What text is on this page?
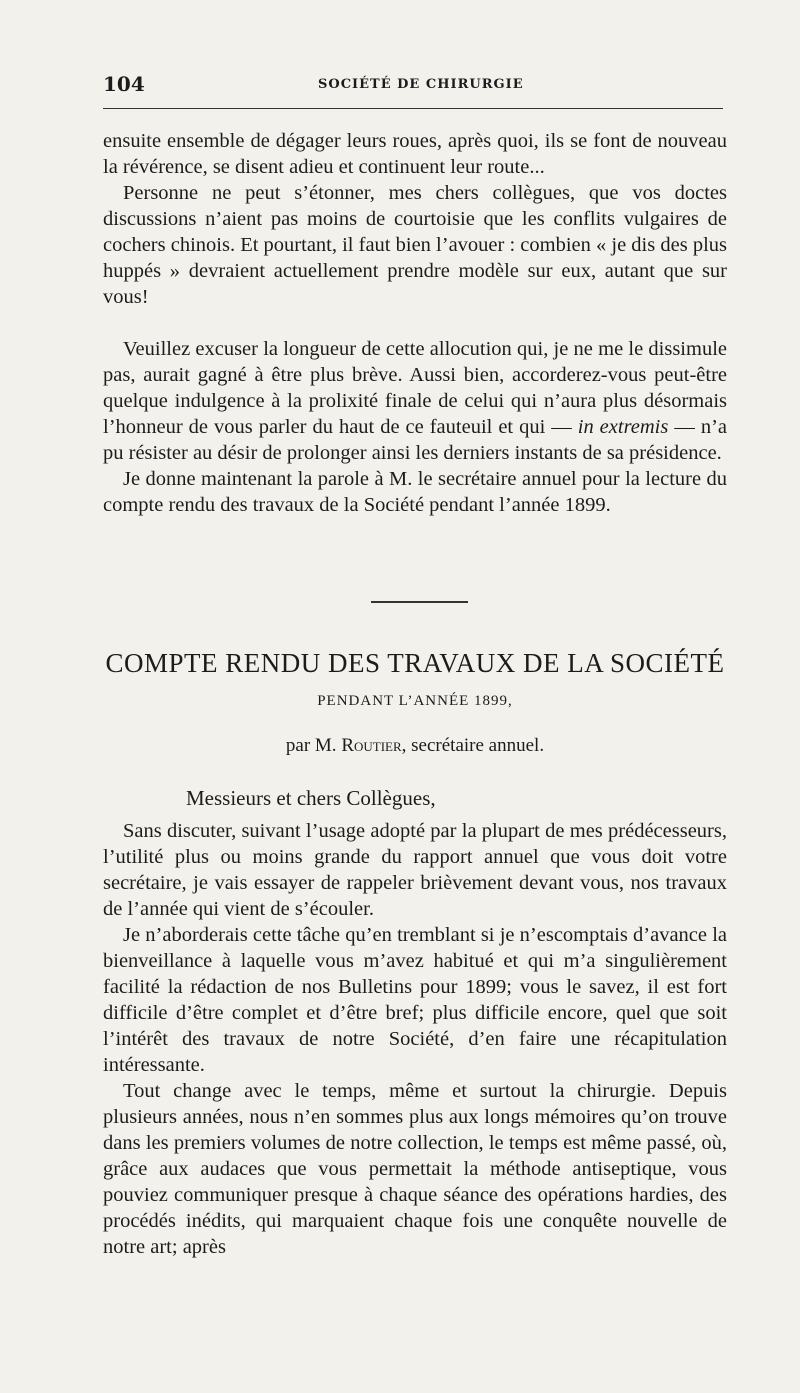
104	SOCIÉTÉ DE CHIRURGIE

ensuite ensemble de dégager leurs roues, après quoi, ils se font de nouveau la révérence, se disent adieu et continuent leur route...

Personne ne peut s’étonner, mes chers collègues, que vos doctes discussions n’aient pas moins de courtoisie que les conflits vulgaires de cochers chinois. Et pourtant, il faut bien l’avouer : combien « je dis des plus huppés » devraient actuellement prendre modèle sur eux, autant que sur vous!

Veuillez excuser la longueur de cette allocution qui, je ne me le dissimule pas, aurait gagné à être plus brève. Aussi bien, accorderez-vous peut-être quelque indulgence à la prolixité finale de celui qui n’aura plus désormais l’honneur de vous parler du haut de ce fauteuil et qui — in extremis — n’a pu résister au désir de prolonger ainsi les derniers instants de sa présidence.

Je donne maintenant la parole à M. le secrétaire annuel pour la lecture du compte rendu des travaux de la Société pendant l’année 1899.

COMPTE RENDU DES TRAVAUX DE LA SOCIÉTÉ
PENDANT L’ANNÉE 1899,
par M. Routier, secrétaire annuel.
Messieurs et chers Collègues,

Sans discuter, suivant l’usage adopté par la plupart de mes prédécesseurs, l’utilité plus ou moins grande du rapport annuel que vous doit votre secrétaire, je vais essayer de rappeler brièvement devant vous, nos travaux de l’année qui vient de s’écouler.

Je n’aborderais cette tâche qu’en tremblant si je n’escomptais d’avance la bienveillance à laquelle vous m’avez habitué et qui m’a singulièrement facilité la rédaction de nos Bulletins pour 1899; vous le savez, il est fort difficile d’être complet et d’être bref; plus difficile encore, quel que soit l’intérêt des travaux de notre Société, d’en faire une récapitulation intéressante.

Tout change avec le temps, même et surtout la chirurgie. Depuis plusieurs années, nous n’en sommes plus aux longs mémoires qu’on trouve dans les premiers volumes de notre collection, le temps est même passé, où, grâce aux audaces que vous permettait la méthode antiseptique, vous pouviez communiquer presque à chaque séance des opérations hardies, des procédés inédits, qui marquaient chaque fois une conquête nouvelle de notre art; après
